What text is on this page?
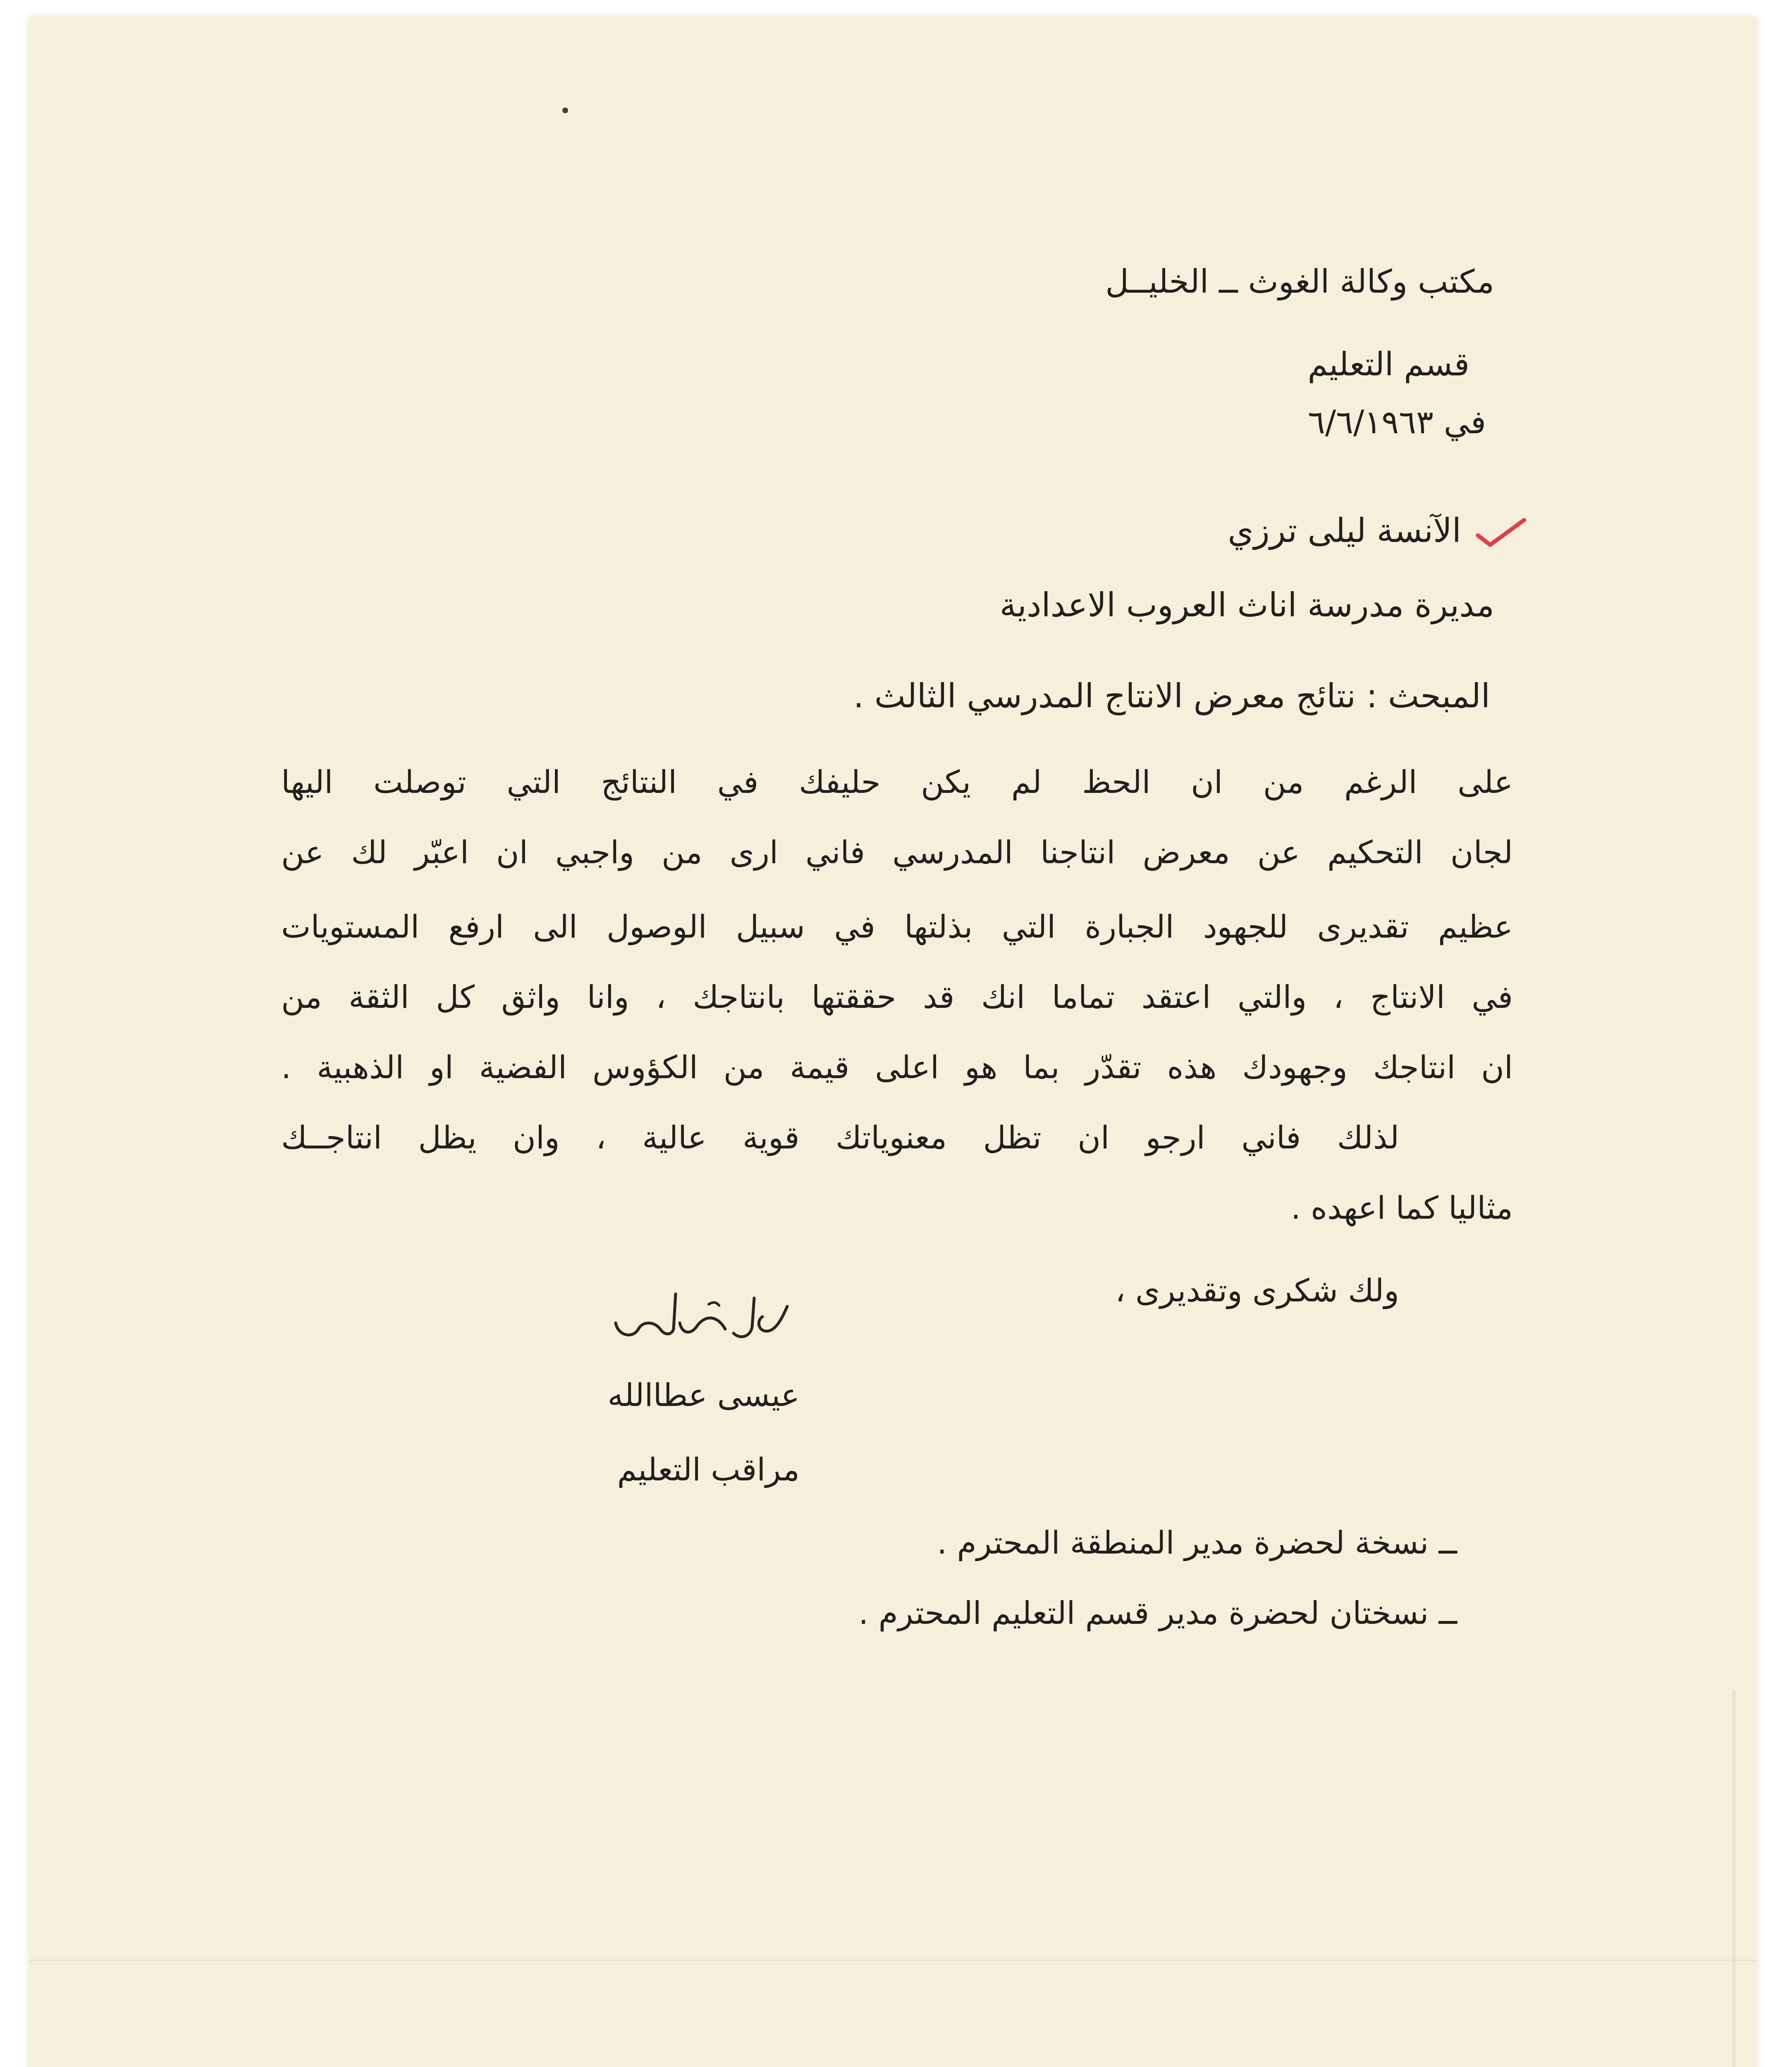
مكتب وكالة الغوث ــ الخليــل
قسم التعليم
في ٦/٦/١٩٦٣
الآنسة ليلى ترزي
مديرة مدرسة اناث العروب الاعدادية
المبحث : نتائج معرض الانتاج المدرسي الثالث .
على الرغم من ان الحظ لم يكن حليفك في النتائج التي توصلت اليها
لجان التحكيم عن معرض انتاجنا المدرسي فاني ارى من واجبي ان اعبّر لك عن
عظيم تقديرى للجهود الجبارة التي بذلتها في سبيل الوصول الى ارفع المستويات
في الانتاج ، والتي اعتقد تماما انك قد حققتها بانتاجك ، وانا واثق كل الثقة من
ان انتاجك وجهودك هذه تقدّر بما هو اعلى قيمة من الكؤوس الفضية او الذهبية .
لذلك فاني ارجو ان تظل معنوياتك قوية عالية ، وان يظل انتاجــك
مثاليا كما اعهده .
ولك شكرى وتقديرى ،
عيسى عطاالله
مراقب التعليم
ــ نسخة لحضرة مدير المنطقة المحترم .
ــ نسختان لحضرة مدير قسم التعليم المحترم .
